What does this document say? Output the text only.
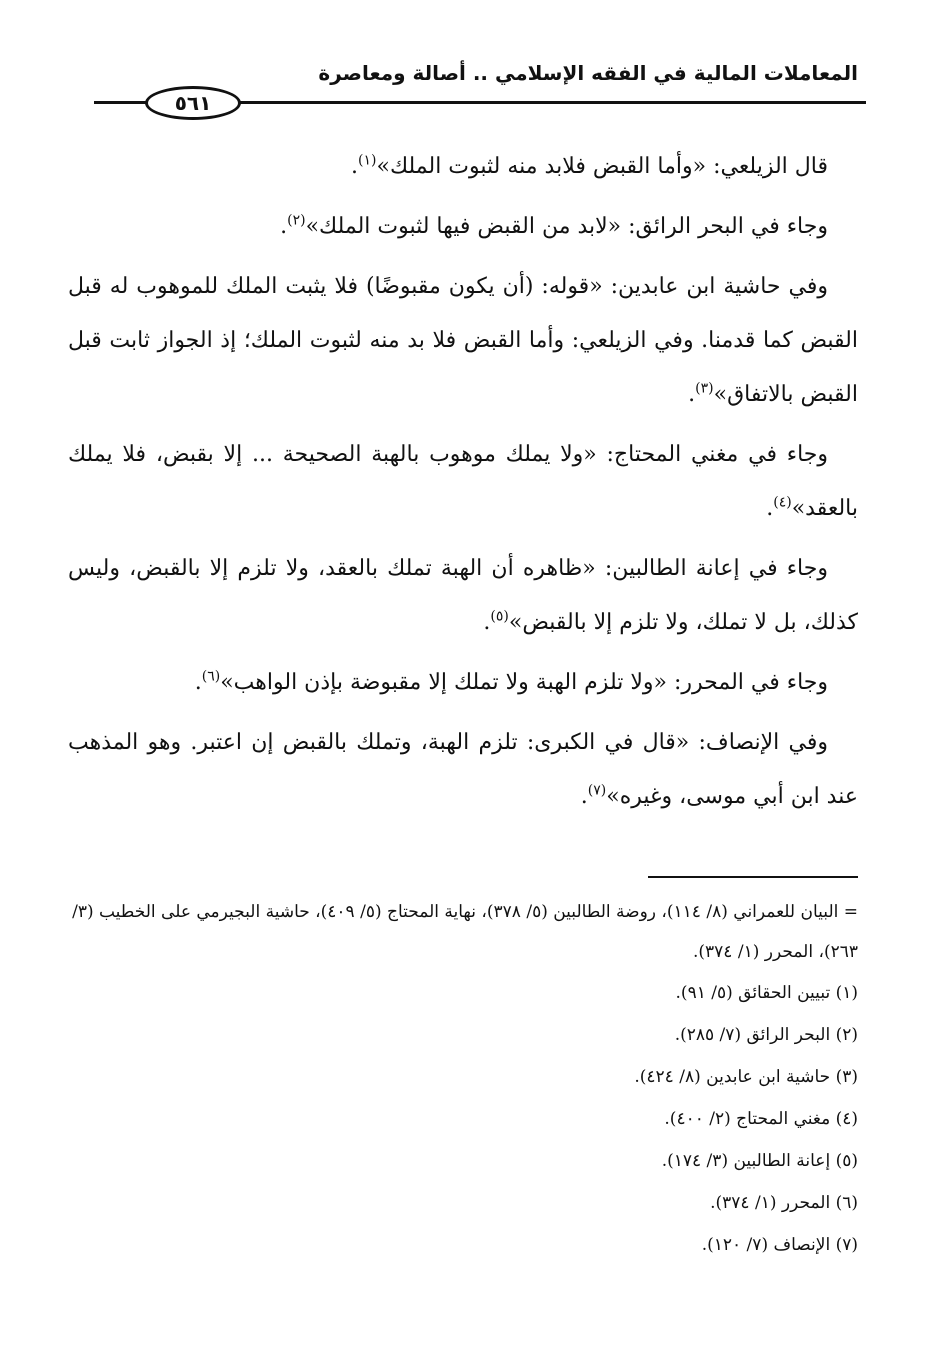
المعاملات المالية في الفقه الإسلامي .. أصالة ومعاصرة
٥٦١

قال الزيلعي: «وأما القبض فلابد منه لثبوت الملك»$^{(١)}$.

وجاء في البحر الرائق: «لابد من القبض فيها لثبوت الملك»$^{(٢)}$.

وفي حاشية ابن عابدين: «قوله: (أن يكون مقبوضًا) فلا يثبت الملك للموهوب له قبل القبض كما قدمنا. وفي الزيلعي: وأما القبض فلا بد منه لثبوت الملك؛ إذ الجواز ثابت قبل القبض بالاتفاق»$^{(٣)}$.

وجاء في مغني المحتاج: «ولا يملك موهوب بالهبة الصحيحة ... إلا بقبض، فلا يملك بالعقد»$^{(٤)}$.

وجاء في إعانة الطالبين: «ظاهره أن الهبة تملك بالعقد، ولا تلزم إلا بالقبض، وليس كذلك، بل لا تملك، ولا تلزم إلا بالقبض»$^{(٥)}$.

وجاء في المحرر: «ولا تلزم الهبة ولا تملك إلا مقبوضة بإذن الواهب»$^{(٦)}$.

وفي الإنصاف: «قال في الكبرى: تلزم الهبة، وتملك بالقبض إن اعتبر. وهو المذهب عند ابن أبي موسى، وغيره»$^{(٧)}$.

= البيان للعمراني (٨/ ١١٤)، روضة الطالبين (٥/ ٣٧٨)، نهاية المحتاج (٥/ ٤٠٩)، حاشية البجيرمي على الخطيب (٣/ ٢٦٣)، المحرر (١/ ٣٧٤).

(١) تبيين الحقائق (٥/ ٩١).

(٢) البحر الرائق (٧/ ٢٨٥).

(٣) حاشية ابن عابدين (٨/ ٤٢٤).

(٤) مغني المحتاج (٢/ ٤٠٠).

(٥) إعانة الطالبين (٣/ ١٧٤).

(٦) المحرر (١/ ٣٧٤).

(٧) الإنصاف (٧/ ١٢٠).
